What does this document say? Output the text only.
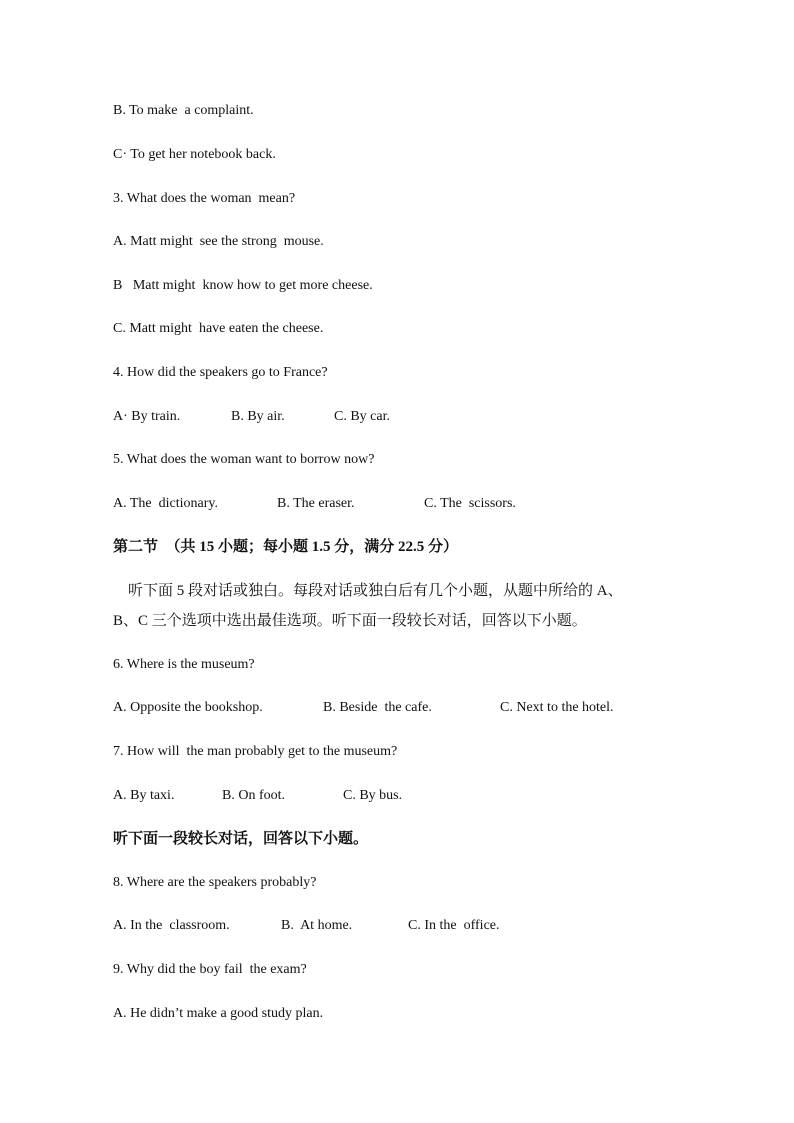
B. To make  a complaint.
C· To get her notebook back.
3. What does the woman  mean?
A. Matt might  see the strong  mouse.
B   Matt might  know how to get more cheese.
C. Matt might  have eaten the cheese.
4. How did the speakers go to France?
A· By train.	B. By air.	C. By car.
5. What does the woman want to borrow now?
A. The  dictionary.	B. The eraser.	C. The  scissors.
第二节  （共 15 小题；每小题 1.5 分，满分 22.5 分）
听下面 5 段对话或独白。每段对话或独白后有几个小题，从题中所给的 A、
B、C 三个选项中选出最佳选项。听下面一段较长对话，回答以下小题。
6. Where is the museum?
A. Opposite the bookshop.	B. Beside  the cafe.	C. Next to the hotel.
7. How will  the man probably get to the museum?
A. By taxi.	B. On foot.	C. By bus.
听下面一段较长对话，回答以下小题。
8. Where are the speakers probably?
A. In the  classroom.	B.  At home.	C. In the  office.
9. Why did the boy fail  the exam?
A. He didn’t make a good study plan.
